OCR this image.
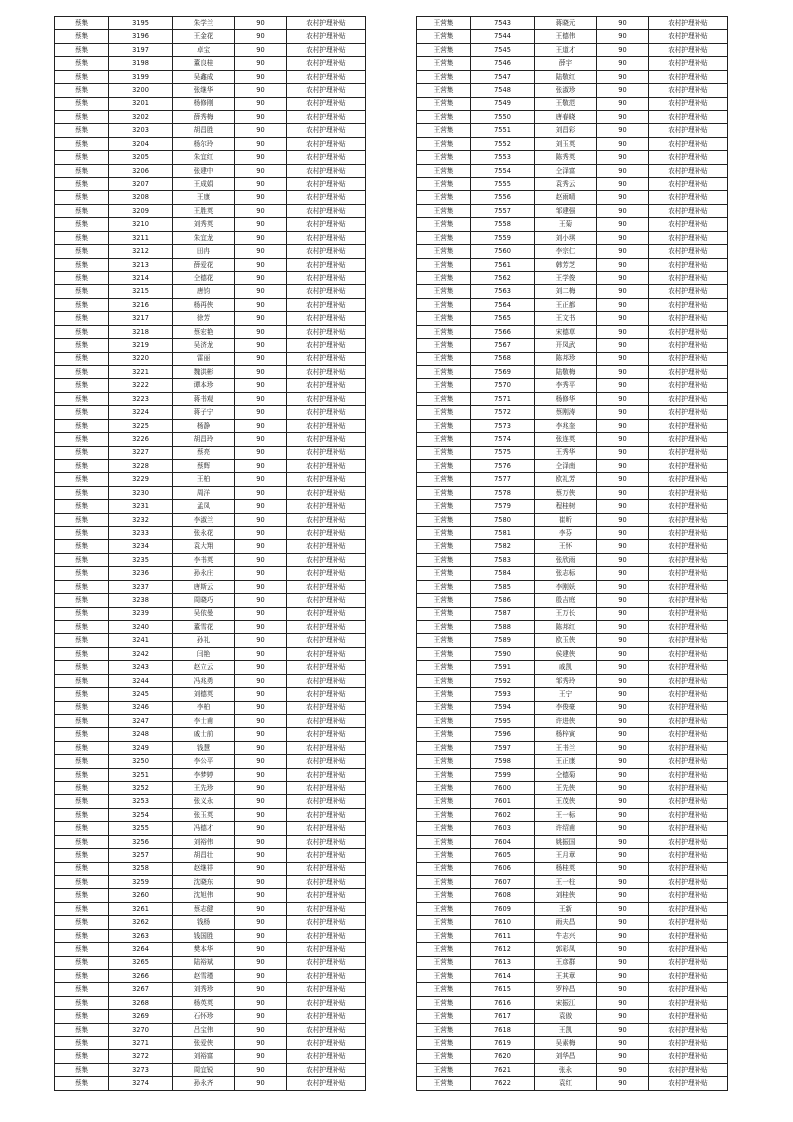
蔡集	3195	朱学兰	90	农村护理补贴
蔡集	3196	王金花	90	农村护理补贴
蔡集	3197	卓宝	90	农村护理补贴
蔡集	3198	董良桂	90	农村护理补贴
蔡集	3199	吴鑫成	90	农村护理补贴
蔡集	3200	张继华	90	农村护理补贴
蔡集	3201	杨修刚	90	农村护理补贴
蔡集	3202	薛秀梅	90	农村护理补贴
蔡集	3203	胡昌胜	90	农村护理补贴
蔡集	3204	杨尔玲	90	农村护理补贴
蔡集	3205	朱宜红	90	农村护理补贴
蔡集	3206	张建中	90	农村护理补贴
蔡集	3207	王成娟	90	农村护理补贴
蔡集	3208	王康	90	农村护理补贴
蔡集	3209	王胜英	90	农村护理补贴
蔡集	3210	刘秀英	90	农村护理补贴
蔡集	3211	朱宜龙	90	农村护理补贴
蔡集	3212	田冉	90	农村护理补贴
蔡集	3213	薛爱花	90	农村护理补贴
蔡集	3214	仝德花	90	农村护理补贴
蔡集	3215	唐钧	90	农村护理补贴
蔡集	3216	杨再侠	90	农村护理补贴
蔡集	3217	徐芳	90	农村护理补贴
蔡集	3218	蔡宏艳	90	农村护理补贴
蔡集	3219	吴济龙	90	农村护理补贴
蔡集	3220	雷丽	90	农村护理补贴
蔡集	3221	魏洪彬	90	农村护理补贴
蔡集	3222	谭本珍	90	农村护理补贴
蔡集	3223	蒋书观	90	农村护理补贴
蔡集	3224	蒋子宁	90	农村护理补贴
蔡集	3225	杨静	90	农村护理补贴
蔡集	3226	胡昌玲	90	农村护理补贴
蔡集	3227	蔡亮	90	农村护理补贴
蔡集	3228	蔡辉	90	农村护理补贴
蔡集	3229	王柏	90	农村护理补贴
蔡集	3230	周洋	90	农村护理补贴
蔡集	3231	孟凤	90	农村护理补贴
蔡集	3232	李淑兰	90	农村护理补贴
蔡集	3233	张永花	90	农村护理补贴
蔡集	3234	袁大翔	90	农村护理补贴
蔡集	3235	李书英	90	农村护理补贴
蔡集	3236	孙永庄	90	农村护理补贴
蔡集	3237	唐斯云	90	农村护理补贴
蔡集	3238	周晓巧	90	农村护理补贴
蔡集	3239	吴依曼	90	农村护理补贴
蔡集	3240	董雪花	90	农村护理补贴
蔡集	3241	孙礼	90	农村护理补贴
蔡集	3242	闫艳	90	农村护理补贴
蔡集	3243	赵立云	90	农村护理补贴
蔡集	3244	冯兆勇	90	农村护理补贴
蔡集	3245	刘德英	90	农村护理补贴
蔡集	3246	李柏	90	农村护理补贴
蔡集	3247	李士甫	90	农村护理补贴
蔡集	3248	戚士前	90	农村护理补贴
蔡集	3249	钱慧	90	农村护理补贴
蔡集	3250	李公平	90	农村护理补贴
蔡集	3251	李梦婷	90	农村护理补贴
蔡集	3252	王先珍	90	农村护理补贴
蔡集	3253	张义永	90	农村护理补贴
蔡集	3254	张玉英	90	农村护理补贴
蔡集	3255	冯德才	90	农村护理补贴
蔡集	3256	刘裕伟	90	农村护理补贴
蔡集	3257	胡昌壮	90	农村护理补贴
蔡集	3258	赵继祥	90	农村护理补贴
蔡集	3259	沈晓东	90	农村护理补贴
蔡集	3260	沈旭伟	90	农村护理补贴
蔡集	3261	蔡志健	90	农村护理补贴
蔡集	3262	钱杨	90	农村护理补贴
蔡集	3263	钱国胜	90	农村护理补贴
蔡集	3264	樊本华	90	农村护理补贴
蔡集	3265	陆裕斌	90	农村护理补贴
蔡集	3266	赵雪瑾	90	农村护理补贴
蔡集	3267	刘秀珍	90	农村护理补贴
蔡集	3268	杨英英	90	农村护理补贴
蔡集	3269	石怀珍	90	农村护理补贴
蔡集	3270	吕宝伟	90	农村护理补贴
蔡集	3271	张爱侠	90	农村护理补贴
蔡集	3272	刘裕富	90	农村护理补贴
蔡集	3273	周宜锐	90	农村护理补贴
蔡集	3274	孙永齐	90	农村护理补贴
王营集	7543	蒋晓元	90	农村护理补贴
王营集	7544	王德伟	90	农村护理补贴
王营集	7545	王道才	90	农村护理补贴
王营集	7546	薛宇	90	农村护理补贴
王营集	7547	陆敬红	90	农村护理补贴
王营集	7548	张淑珍	90	农村护理补贴
王营集	7549	王敬范	90	农村护理补贴
王营集	7550	唐春晓	90	农村护理补贴
王营集	7551	刘昌彩	90	农村护理补贴
王营集	7552	刘玉英	90	农村护理补贴
王营集	7553	陈秀英	90	农村护理补贴
王营集	7554	仝泽富	90	农村护理补贴
王营集	7555	袁秀云	90	农村护理补贴
王营集	7556	赵雨晴	90	农村护理补贴
王营集	7557	邹建强	90	农村护理补贴
王营集	7558	王菊	90	农村护理补贴
王营集	7559	刘小琪	90	农村护理补贴
王营集	7560	李宗仁	90	农村护理补贴
王营集	7561	韩芳芝	90	农村护理补贴
王营集	7562	王学俊	90	农村护理补贴
王营集	7563	刘二梅	90	农村护理补贴
王营集	7564	王正都	90	农村护理补贴
王营集	7565	王文书	90	农村护理补贴
王营集	7566	宋德草	90	农村护理补贴
王营集	7567	开凤武	90	农村护理补贴
王营集	7568	陈邦珍	90	农村护理补贴
王营集	7569	陆敬梅	90	农村护理补贴
王营集	7570	李秀平	90	农村护理补贴
王营集	7571	杨修华	90	农村护理补贴
王营集	7572	蔡刚涛	90	农村护理补贴
王营集	7573	李兆奎	90	农村护理补贴
王营集	7574	张连英	90	农村护理补贴
王营集	7575	王秀华	90	农村护理补贴
王营集	7576	仝泽南	90	农村护理补贴
王营集	7577	欧礼芳	90	农村护理补贴
王营集	7578	蔡万侠	90	农村护理补贴
王营集	7579	程桂树	90	农村护理补贴
王营集	7580	崔昕	90	农村护理补贴
王营集	7581	李芬	90	农村护理补贴
王营集	7582	王怀	90	农村护理补贴
王营集	7583	张欣雨	90	农村护理补贴
王营集	7584	张志标	90	农村护理补贴
王营集	7585	李刚妖	90	农村护理补贴
王营集	7586	殷吉庭	90	农村护理补贴
王营集	7587	王万长	90	农村护理补贴
王营集	7588	陈邦红	90	农村护理补贴
王营集	7589	欧玉侠	90	农村护理补贴
王营集	7590	侯建侠	90	农村护理补贴
王营集	7591	戚凯	90	农村护理补贴
王营集	7592	邹秀玲	90	农村护理补贴
王营集	7593	王宁	90	农村护理补贴
王营集	7594	李俊豪	90	农村护理补贴
王营集	7595	许进侠	90	农村护理补贴
王营集	7596	杨梓寅	90	农村护理补贴
王营集	7597	王书兰	90	农村护理补贴
王营集	7598	王正康	90	农村护理补贴
王营集	7599	仝德菊	90	农村护理补贴
王营集	7600	王先侠	90	农村护理补贴
王营集	7601	王茂侠	90	农村护理补贴
王营集	7602	王一标	90	农村护理补贴
王营集	7603	许绍甫	90	农村护理补贴
王营集	7604	姚振国	90	农村护理补贴
王营集	7605	王月章	90	农村护理补贴
王营集	7606	杨桂英	90	农村护理补贴
王营集	7607	王一柱	90	农村护理补贴
王营集	7608	刘桂侠	90	农村护理补贴
王营集	7609	王新	90	农村护理补贴
王营集	7610	雨夫昌	90	农村护理补贴
王营集	7611	牛志兴	90	农村护理补贴
王营集	7612	郭彩凤	90	农村护理补贴
王营集	7613	王彦群	90	农村护理补贴
王营集	7614	王其章	90	农村护理补贴
王营集	7615	罗梓昌	90	农村护理补贴
王营集	7616	宋振江	90	农村护理补贴
王营集	7617	袁傲	90	农村护理补贴
王营集	7618	王凯	90	农村护理补贴
王营集	7619	吴素梅	90	农村护理补贴
王营集	7620	刘华昌	90	农村护理补贴
王营集	7621	张永	90	农村护理补贴
王营集	7622	袁红	90	农村护理补贴
